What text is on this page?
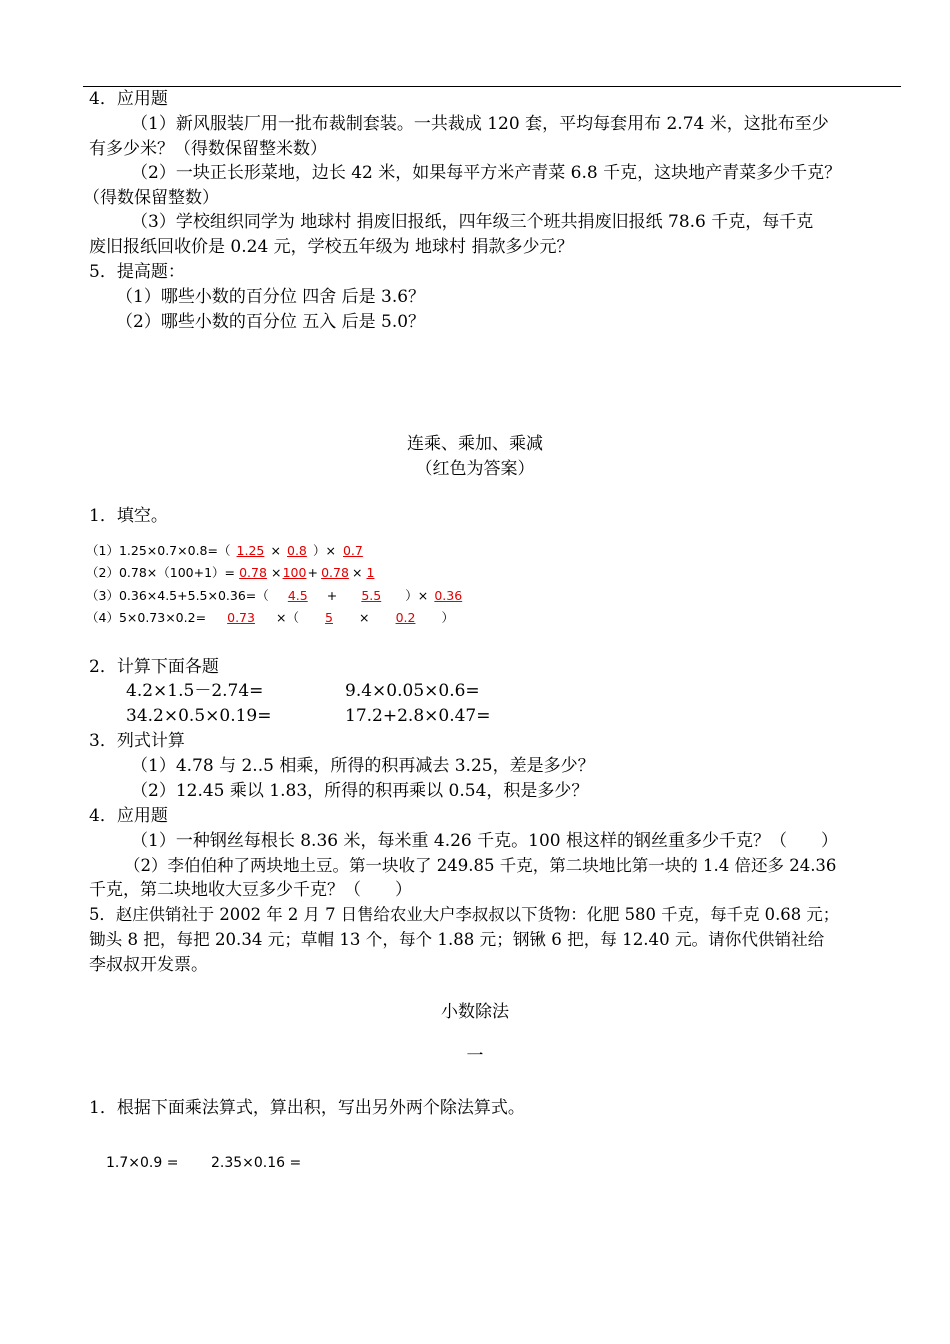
4．应用题
（1）新风服装厂用一批布裁制套装。一共裁成 120 套，平均每套用布 2.74 米，这批布至少
有多少米？（得数保留整米数）
（2）一块正长形菜地，边长 42 米，如果每平方米产青菜 6.8 千克，这块地产青菜多少千克？
（得数保留整数）
（3）学校组织同学为 地球村 捐废旧报纸，四年级三个班共捐废旧报纸 78.6 千克，每千克
废旧报纸回收价是 0.24 元，学校五年级为 地球村 捐款多少元？
5．提高题：
（1）哪些小数的百分位 四舍 后是 3.6？
（2）哪些小数的百分位 五入 后是 5.0？
连乘、乘加、乘减
（红色为答案）
1．填空。
（1）1.25×0.7×0.8=（ 1.25 × 0.8 ）× 0.7
（2）0.78×（100+1）= 0.78 ×100+ 0.78 × 1
（3）0.36×4.5+5.5×0.36=（ 4.5 + 5.5 ）× 0.36
（4）5×0.73×0.2= 0.73 ×（ 5 × 0.2 ）
2．计算下面各题
4.2×1.5－2.74=	9.4×0.05×0.6=
34.2×0.5×0.19=	17.2+2.8×0.47=
3．列式计算
（1）4.78 与 2..5 相乘，所得的积再减去 3.25，差是多少？
（2）12.45 乘以 1.83，所得的积再乘以 0.54，积是多少？
4．应用题
（1）一种钢丝每根长 8.36 米，每米重 4.26 千克。100 根这样的钢丝重多少千克？（　　）
（2）李伯伯种了两块地土豆。第一块收了 249.85 千克，第二块地比第一块的 1.4 倍还多 24.36
千克，第二块地收大豆多少千克？（　　）
5．赵庄供销社于 2002 年 2 月 7 日售给农业大户李叔叔以下货物：化肥 580 千克，每千克 0.68 元；
锄头 8 把，每把 20.34 元；草帽 13 个，每个 1.88 元；钢锹 6 把，每 12.40 元。请你代供销社给
李叔叔开发票。
小数除法
一
1．根据下面乘法算式，算出积，写出另外两个除法算式。
1.7×0.9 = 2.35×0.16 =
